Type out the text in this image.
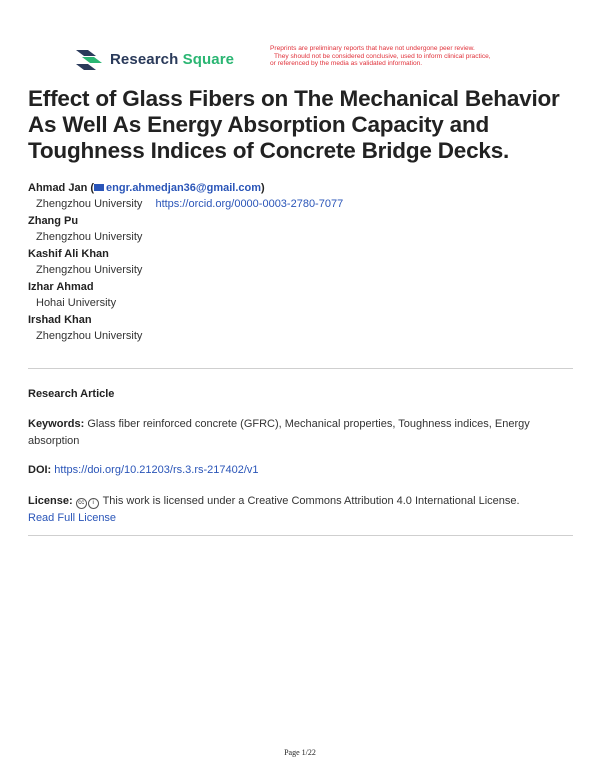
Research Square
Preprints are preliminary reports that have not undergone peer review.
They should not be considered conclusive, used to inform clinical practice,
or referenced by the media as validated information.
Effect of Glass Fibers on The Mechanical Behavior As Well As Energy Absorption Capacity and Toughness Indices of Concrete Bridge Decks.
Ahmad Jan ( engr.ahmedjan36@gmail.com)
Zhengzhou University https://orcid.org/0000-0003-2780-7077
Zhang Pu
Zhengzhou University
Kashif Ali Khan
Zhengzhou University
Izhar Ahmad
Hohai University
Irshad Khan
Zhengzhou University
Research Article
Keywords: Glass fiber reinforced concrete (GFRC), Mechanical properties, Toughness indices, Energy absorption
DOI: https://doi.org/10.21203/rs.3.rs-217402/v1
License: cc i This work is licensed under a Creative Commons Attribution 4.0 International License.
Read Full License
Page 1/22
